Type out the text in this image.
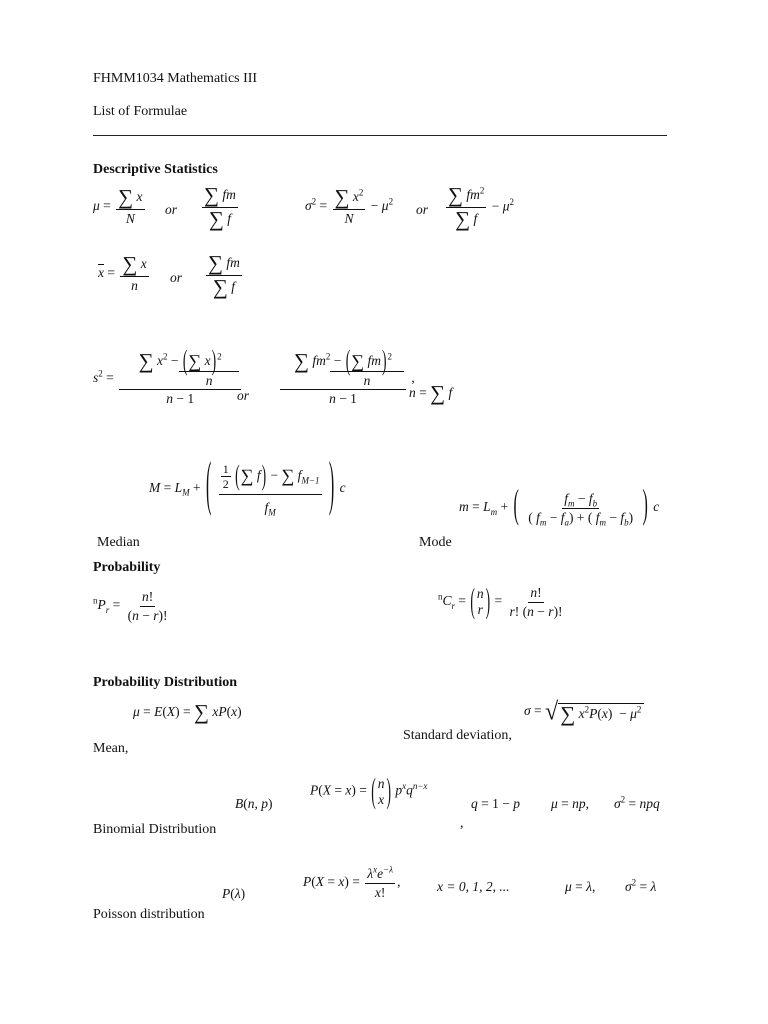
FHMM1034 Mathematics III
List of Formulae
Descriptive Statistics
$\mu = \frac{\sum x}{N}$ or $\frac{\sum fm}{\sum f}$	$\sigma^2 = \frac{\sum x^2}{N} - \mu^2$
or $\frac{\sum fm^2}{\sum f} - \mu^2$
$\overline{x} = \frac{\sum x}{n}$ or $\frac{\sum fm}{\sum f}$
$s^2$ = ∑ $x^2$ − (∑ x)$^2$
n
n − 1
or ∑ $fm^2$ − (∑ fm)$^2$
n
n − 1 ,
n = ∑ f
$M = L_M$ + ( $\frac{\frac{1}{2} (\sum f) - \sum f_{M-1}}{f_M}$ ) c
Median
$m = L_m$ + ( $\frac{f_m - f_b}{( f_m - f_a) + ( f_m - f_b)}$ ) c
Mode
Probability
$^nP_r = \frac{n!}{(n - r)!}$	$^nC_r$ = ( n
r ) = $\frac{n!}{r! (n - r)!}$
Probability Distribution
μ = E(X) = ∑ xP(x)
Mean,
σ = √ ∑ $x^2P(x) - \mu^2$
Standard deviation,
B(n, p)
P(X = x) = ( n
x ) $p^xq^{n-x}$
q = 1 − p μ = np, $\sigma^2$ = npq
Binomial Distribution	,
P(λ)
$P(X = x) = \frac{\lambda^xe^{-\lambda}}{x!}$ ,	x = 0, 1, 2, ...	μ = λ, $\sigma^2 = \lambda$
Poisson distribution
